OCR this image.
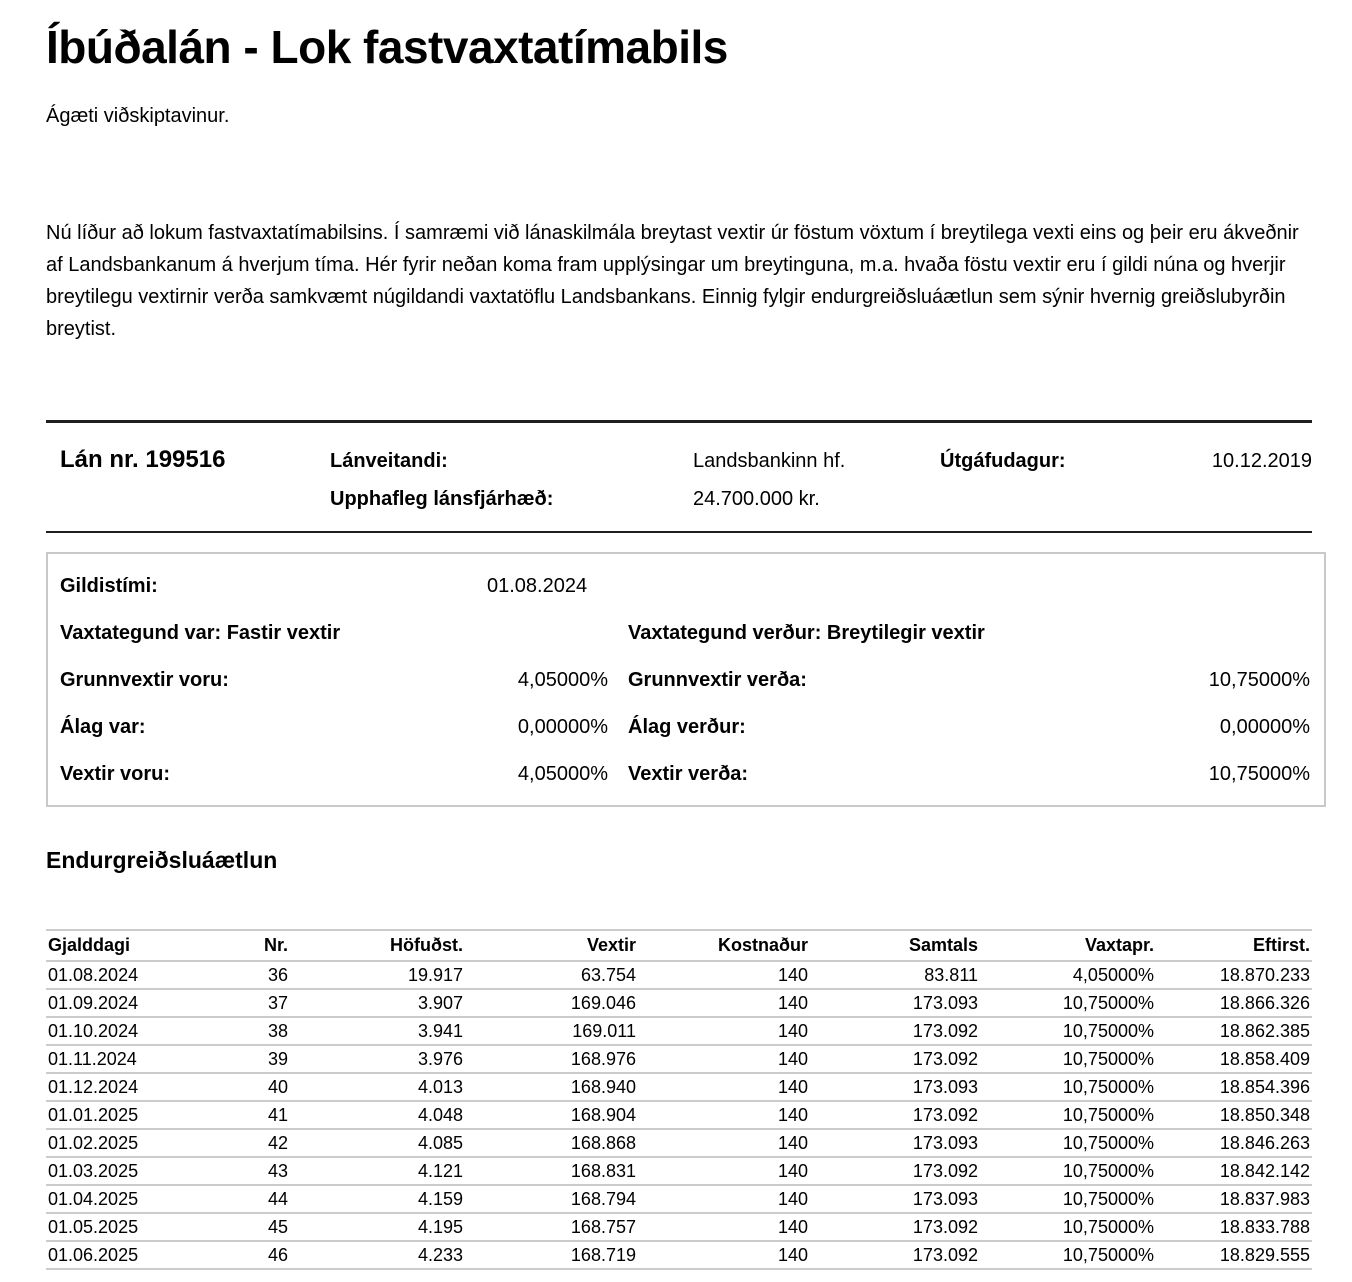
Íbúðalán - Lok fastvaxtatímabils

Ágæti viðskiptavinur.

Nú líður að lokum fastvaxtatímabilsins. Í samræmi við lánaskilmála breytast vextir úr föstum vöxtum í breytilega vexti eins og þeir eru ákveðnir af Landsbankanum á hverjum tíma. Hér fyrir neðan koma fram upplýsingar um breytinguna, m.a. hvaða föstu vextir eru í gildi núna og hverjir breytilegu vextirnir verða samkvæmt núgildandi vaxtatöflu Landsbankans. Einnig fylgir endurgreiðsluáætlun sem sýnir hvernig greiðslubyrðin breytist.

Lán nr. 199516	Lánveitandi:	Landsbankinn hf.	Útgáfudagur:	10.12.2019
Upphafleg lánsfjárhæð:	24.700.000 kr.
Gildistími:	01.08.2024
Vaxtategund var: Fastir vextir	Vaxtategund verður: Breytilegir vextir
Grunnvextir voru:	4,05000% Grunnvextir verða:	10,75000%
Álag var:	0,00000% Álag verður:	0,00000%
Vextir voru:	4,05000% Vextir verða:	10,75000%
Endurgreiðsluáætlun
Gjalddagi	Nr.	Höfuðst.	Vextir	Kostnaður	Samtals	Vaxtapr.	Eftirst.
01.08.2024	36	19.917	63.754	140	83.811	4,05000%	18.870.233
01.09.2024	37	3.907	169.046	140	173.093	10,75000%	18.866.326
01.10.2024	38	3.941	169.011	140	173.092	10,75000%	18.862.385
01.11.2024	39	3.976	168.976	140	173.092	10,75000%	18.858.409
01.12.2024	40	4.013	168.940	140	173.093	10,75000%	18.854.396
01.01.2025	41	4.048	168.904	140	173.092	10,75000%	18.850.348
01.02.2025	42	4.085	168.868	140	173.093	10,75000%	18.846.263
01.03.2025	43	4.121	168.831	140	173.092	10,75000%	18.842.142
01.04.2025	44	4.159	168.794	140	173.093	10,75000%	18.837.983
01.05.2025	45	4.195	168.757	140	173.092	10,75000%	18.833.788
01.06.2025	46	4.233	168.719	140	173.092	10,75000%	18.829.555
